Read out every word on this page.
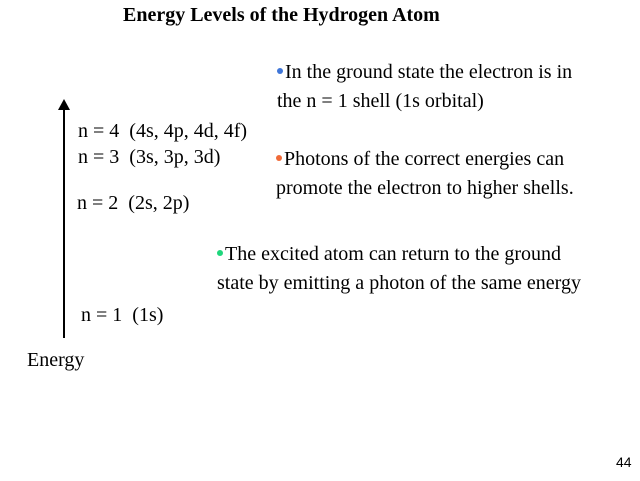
Energy Levels of the Hydrogen Atom
Energy
n = 4  (4s, 4p, 4d, 4f)
n = 3  (3s, 3p, 3d)
n = 2  (2s, 2p)
n = 1  (1s)
In the ground state the electron is in
the n = 1 shell (1s orbital)
Photons of the correct energies can
promote the electron to higher shells.
The excited atom can return to the ground
state by emitting a photon of the same energy
44
